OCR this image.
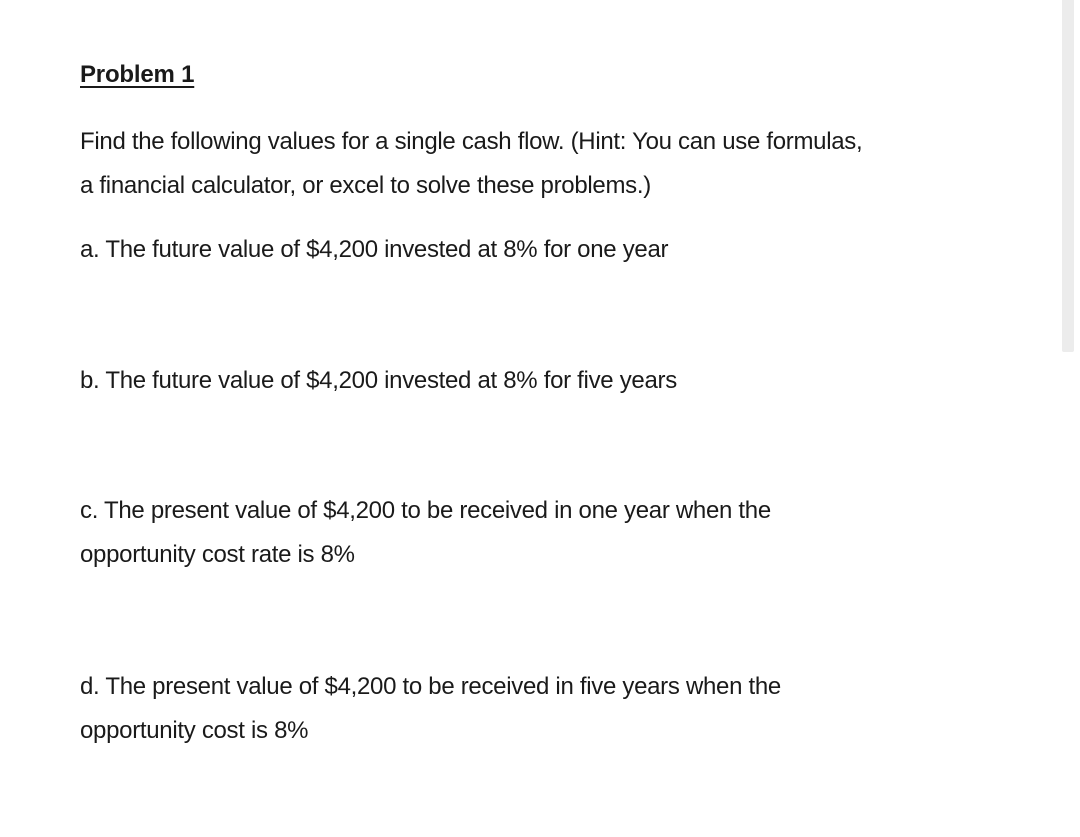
Problem 1

Find the following values for a single cash flow. (Hint: You can use formulas,
a financial calculator, or excel to solve these problems.)

a. The future value of $4,200 invested at 8% for one year

b. The future value of $4,200 invested at 8% for five years

c. The present value of $4,200 to be received in one year when the
opportunity cost rate is 8%

d. The present value of $4,200 to be received in five years when the
opportunity cost is 8%
